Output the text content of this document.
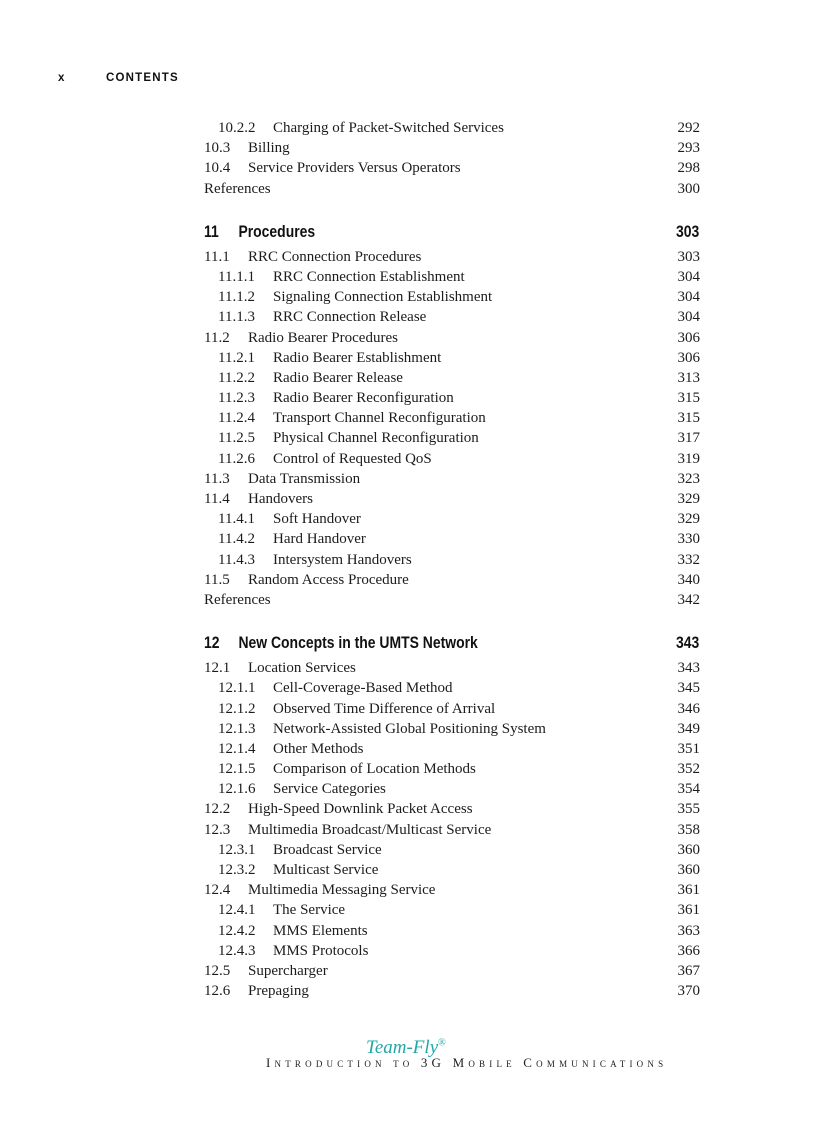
x	CONTENTS
10.2.2 Charging of Packet-Switched Services	292
10.3 Billing	293
10.4 Service Providers Versus Operators	298
References	300
11 Procedures	303
11.1 RRC Connection Procedures	303
11.1.1 RRC Connection Establishment	304
11.1.2 Signaling Connection Establishment	304
11.1.3 RRC Connection Release	304
11.2 Radio Bearer Procedures	306
11.2.1 Radio Bearer Establishment	306
11.2.2 Radio Bearer Release	313
11.2.3 Radio Bearer Reconfiguration	315
11.2.4 Transport Channel Reconfiguration	315
11.2.5 Physical Channel Reconfiguration	317
11.2.6 Control of Requested QoS	319
11.3 Data Transmission	323
11.4 Handovers	329
11.4.1 Soft Handover	329
11.4.2 Hard Handover	330
11.4.3 Intersystem Handovers	332
11.5 Random Access Procedure	340
References	342
12 New Concepts in the UMTS Network	343
12.1 Location Services	343
12.1.1 Cell-Coverage-Based Method	345
12.1.2 Observed Time Difference of Arrival	346
12.1.3 Network-Assisted Global Positioning System	349
12.1.4 Other Methods	351
12.1.5 Comparison of Location Methods	352
12.1.6 Service Categories	354
12.2 High-Speed Downlink Packet Access	355
12.3 Multimedia Broadcast/Multicast Service	358
12.3.1 Broadcast Service	360
12.3.2 Multicast Service	360
12.4 Multimedia Messaging Service	361
12.4.1 The Service	361
12.4.2 MMS Elements	363
12.4.3 MMS Protocols	366
12.5 Supercharger	367
12.6 Prepaging	370
Team-Fly®
Introduction to 3G Mobile Communications
